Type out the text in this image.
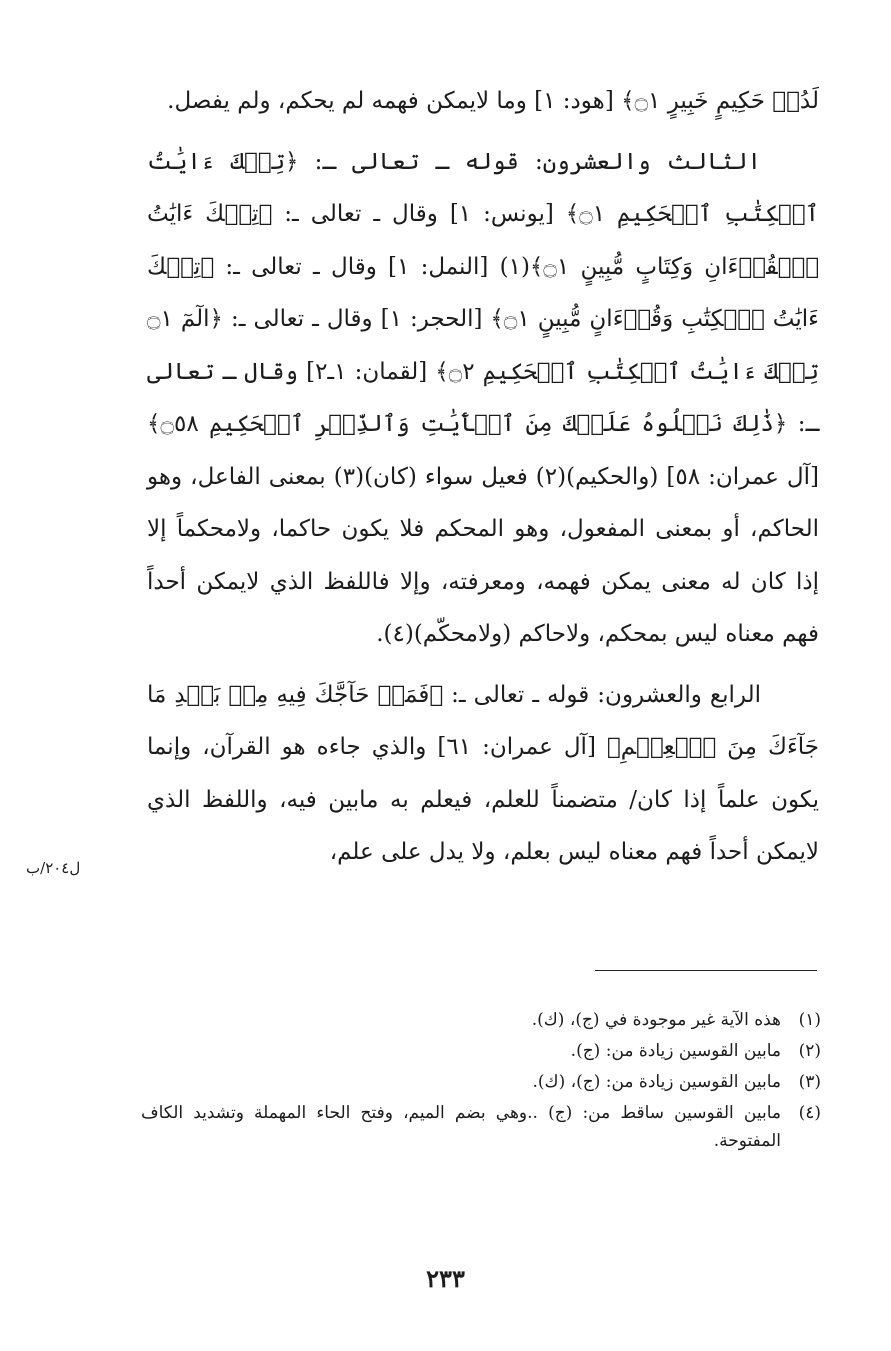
لَدُنۡ حَكِيمٍ خَبِيرٍ ۝١﴾ [هود: ١] وما لايمكن فهمه لم يحكم، ولم يفصل.

الثالث والعشرون: قوله ـ تعالى ـ: ﴿تِلۡكَ ءَايَٰتُ ٱلۡكِتَٰبِ ٱلۡحَكِيمِ ۝١﴾ [يونس: ١] وقال ـ تعالى ـ: ﴿تِلۡكَ ءَايَٰتُ ٱلۡقُرۡءَانِ وَكِتَابٍ مُّبِينٍ ۝١﴾(١) [النمل: ١] وقال ـ تعالى ـ: ﴿تِلۡكَ ءَايَٰتُ ٱلۡكِتَٰبِ وَقُرۡءَانٍ مُّبِينٍ ۝١﴾ [الحجر: ١] وقال ـ تعالى ـ: ﴿الٓمٓ ۝١ تِلۡكَ ءَايَٰتُ ٱلۡكِتَٰبِ ٱلۡحَكِيمِ ۝٢﴾ [لقمان: ١ـ٢] وقال ـ تعالى ـ: ﴿ذَٰلِكَ نَتۡلُوهُ عَلَيۡكَ مِنَ ٱلۡأٓيَٰتِ وَٱلذِّكۡرِ ٱلۡحَكِيمِ ۝٥٨﴾ [آل عمران: ٥٨] (والحكيم)(٢) فعيل سواء (كان)(٣) بمعنى الفاعل، وهو الحاكم، أو بمعنى المفعول، وهو المحكم فلا يكون حاكما، ولامحكماً إلا إذا كان له معنى يمكن فهمه، ومعرفته، وإلا فاللفظ الذي لايمكن أحداً فهم معناه ليس بمحكم، ولاحاكم (ولامحكّم)(٤).

الرابع والعشرون: قوله ـ تعالى ـ: ﴿فَمَنۡ حَآجَّكَ فِيهِ مِنۢ بَعۡدِ مَا جَآءَكَ مِنَ ٱلۡعِلۡمِ﴾ [آل عمران: ٦١] والذي جاءه هو القرآن، وإنما يكون علماً إذا كان/ متضمناً للعلم، فيعلم به مابين فيه، واللفظ الذي لايمكن أحداً فهم معناه ليس بعلم، ولا يدل على علم،

ل٢٠٤/ب
(١)
هذه الآية غير موجودة في (ج)، (ك).
(٢)
مابين القوسين زيادة من: (ج).
(٣)
مابين القوسين زيادة من: (ج)، (ك).
(٤)
مابين القوسين ساقط من: (ج) ..وهي بضم الميم، وفتح الحاء المهملة وتشديد الكاف المفتوحة.
٢٣٣
